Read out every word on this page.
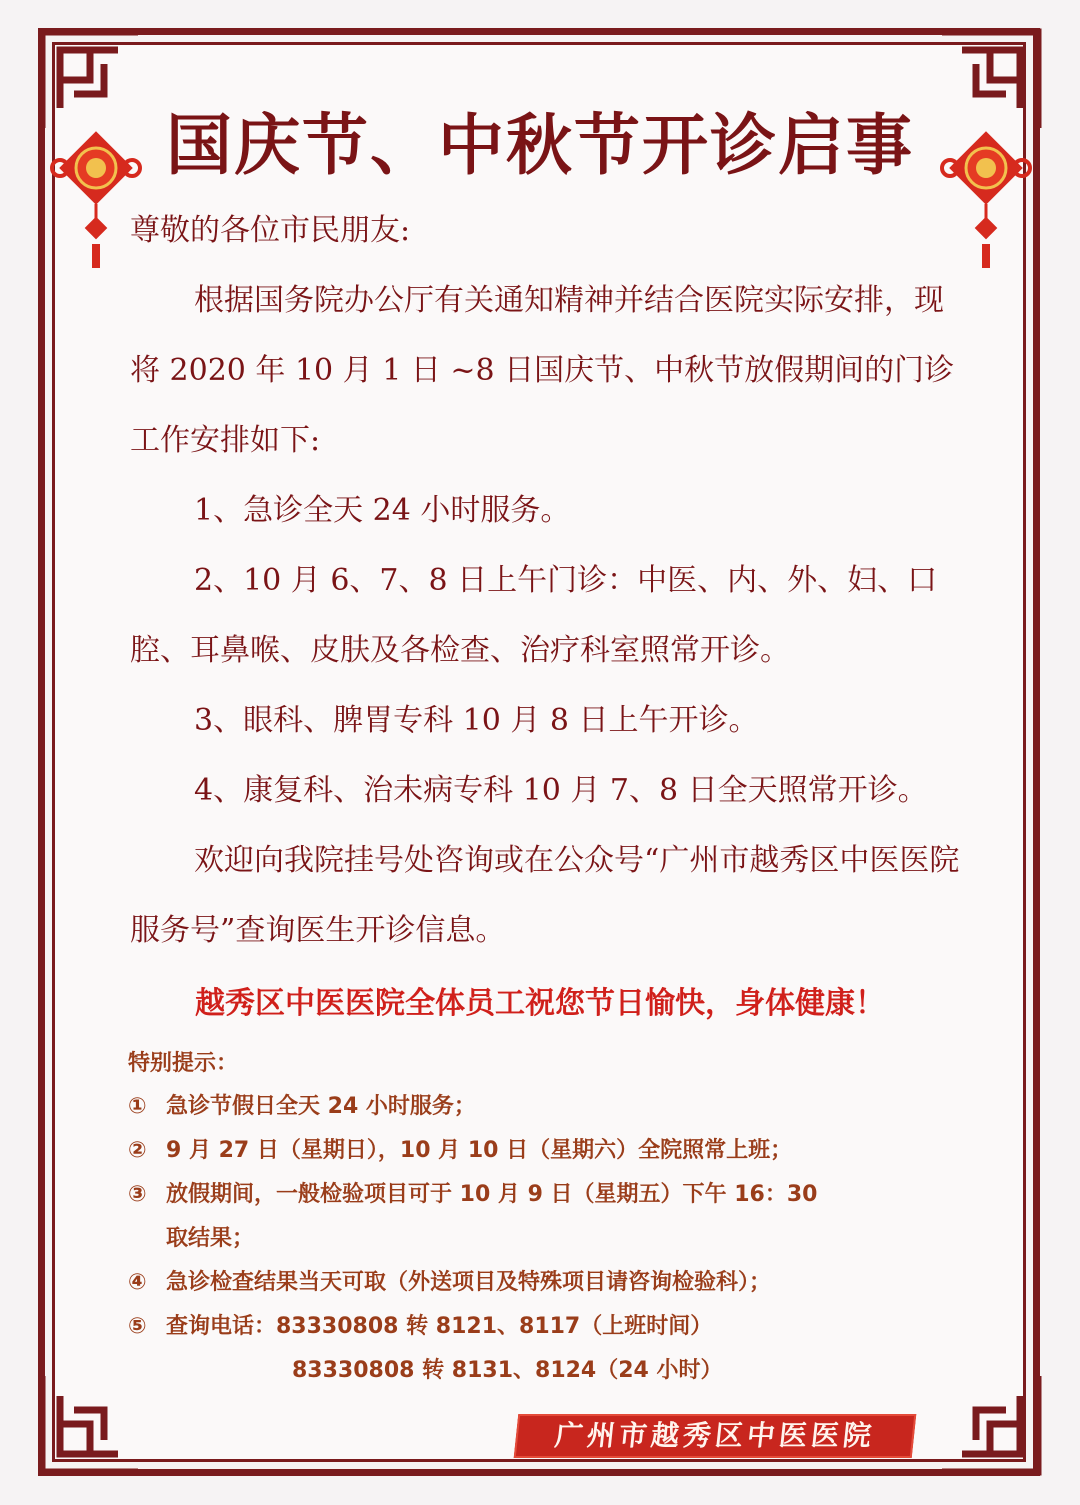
国庆节、中秋节开诊启事
尊敬的各位市民朋友:

根据国务院办公厅有关通知精神并结合医院实际安排，现将 2020 年 10 月 1 日 ~8 日国庆节、中秋节放假期间的门诊工作安排如下:

1、急诊全天 24 小时服务。

2、10 月 6、7、8 日上午门诊：中医、内、外、妇、口腔、耳鼻喉、皮肤及各检查、治疗科室照常开诊。

3、眼科、脾胃专科 10 月 8 日上午开诊。

4、康复科、治未病专科 10 月 7、8 日全天照常开诊。

欢迎向我院挂号处咨询或在公众号“广州市越秀区中医医院服务号”查询医生开诊信息。

越秀区中医医院全体员工祝您节日愉快，身体健康！

特别提示：

① 急诊节假日全天 24 小时服务；

② 9 月 27 日（星期日），10 月 10 日（星期六）全院照常上班；

③ 放假期间，一般检验项目可于 10 月 9 日（星期五）下午 16：30

取结果；

④ 急诊检查结果当天可取（外送项目及特殊项目请咨询检验科）；

⑤ 查询电话：83330808 转 8121、8117（上班时间）

83330808 转 8131、8124（24 小时）

广州市越秀区中医医院
